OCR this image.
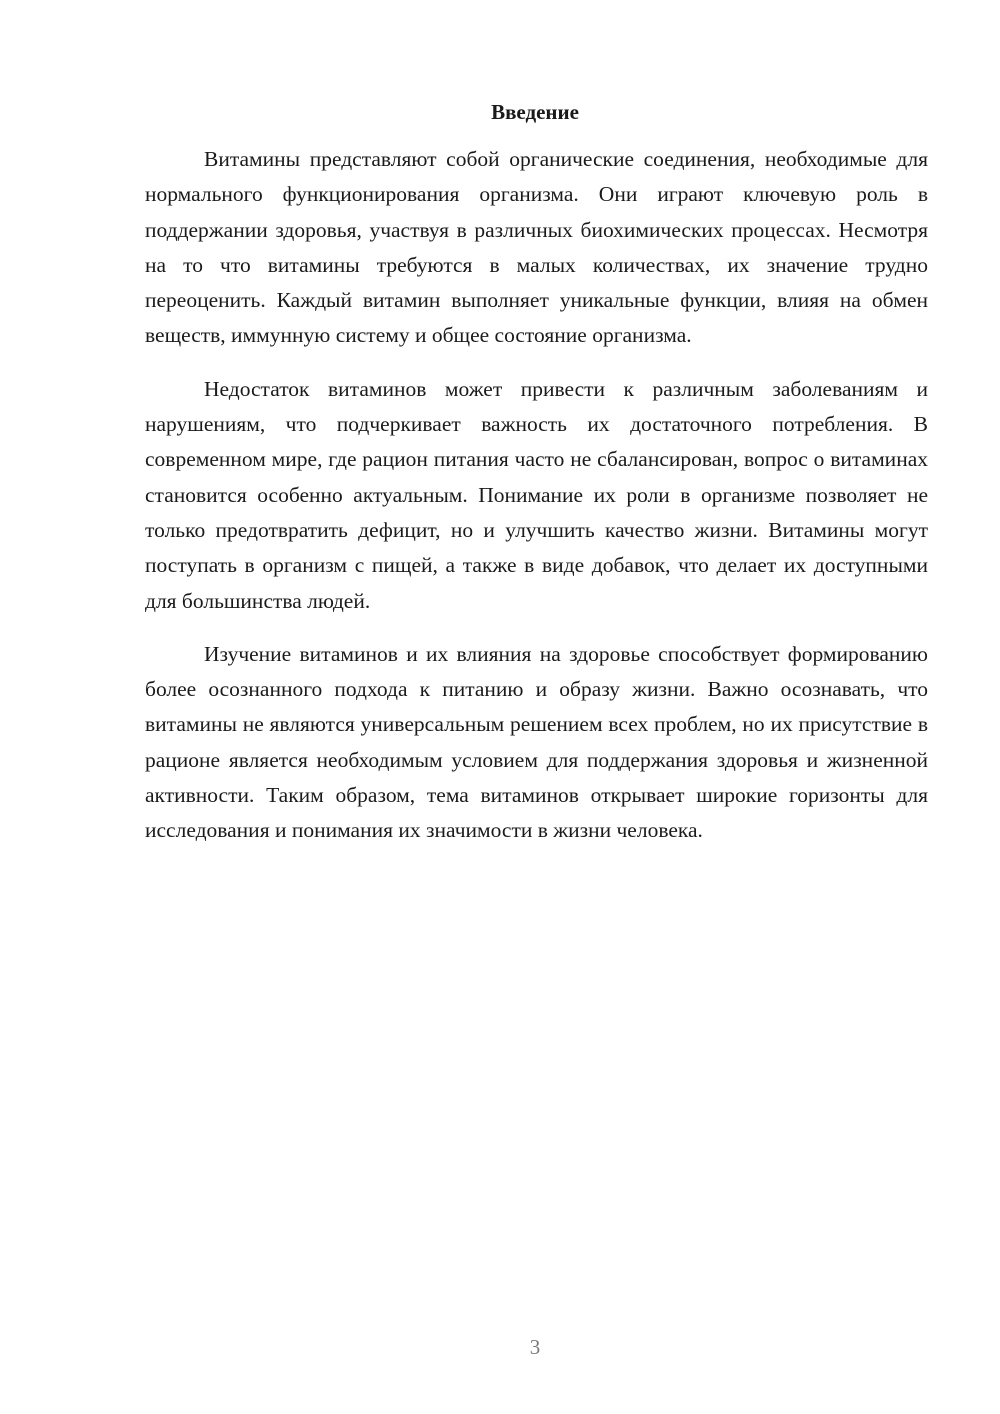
Введение

Витамины представляют собой органические соединения, необходимые для нормального функционирования организма. Они играют ключевую роль в поддержании здоровья, участвуя в различных биохимических процессах. Несмотря на то что витамины требуются в малых количествах, их значение трудно переоценить. Каждый витамин выполняет уникальные функции, влияя на обмен веществ, иммунную систему и общее состояние организма.

Недостаток витаминов может привести к различным заболеваниям и нарушениям, что подчеркивает важность их достаточного потребления. В современном мире, где рацион питания часто не сбалансирован, вопрос о витаминах становится особенно актуальным. Понимание их роли в организме позволяет не только предотвратить дефицит, но и улучшить качество жизни. Витамины могут поступать в организм с пищей, а также в виде добавок, что делает их доступными для большинства людей.

Изучение витаминов и их влияния на здоровье способствует формированию более осознанного подхода к питанию и образу жизни. Важно осознавать, что витамины не являются универсальным решением всех проблем, но их присутствие в рационе является необходимым условием для поддержания здоровья и жизненной активности. Таким образом, тема витаминов открывает широкие горизонты для исследования и понимания их значимости в жизни человека.

3
